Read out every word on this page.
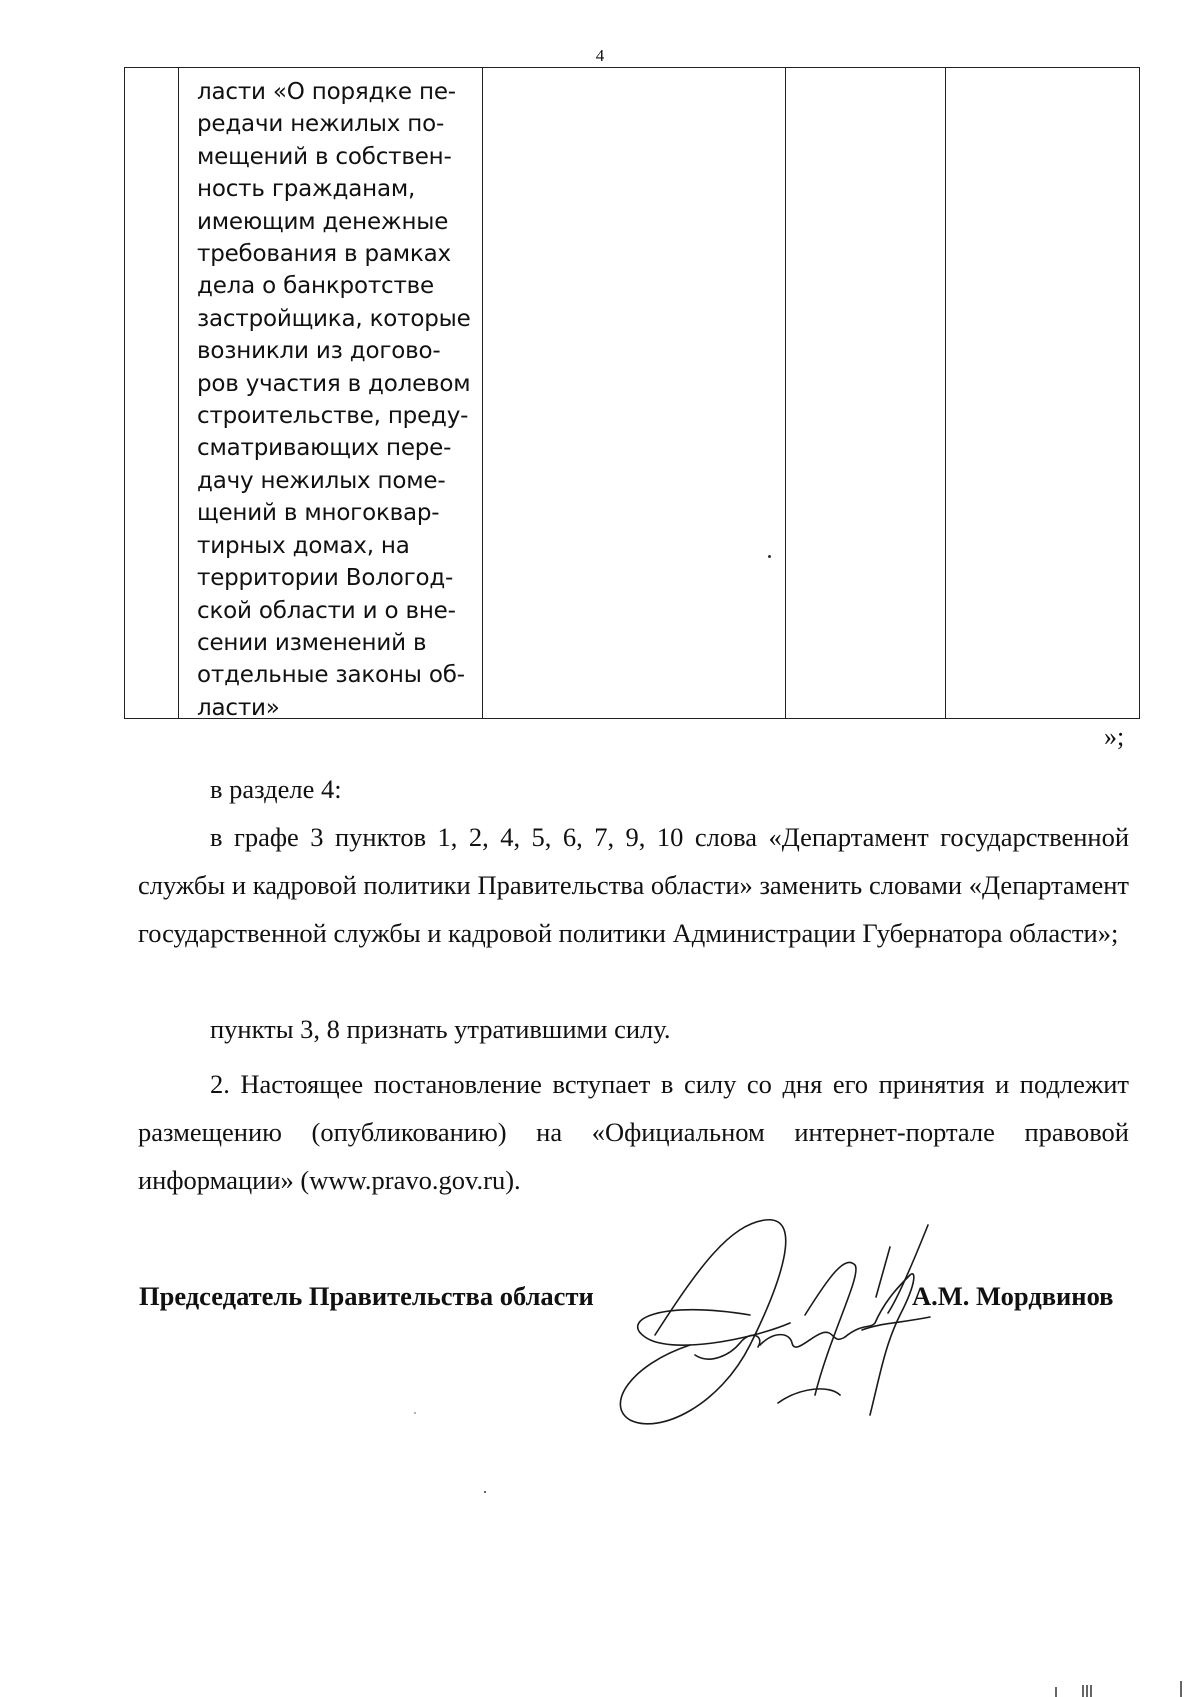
4
ласти «О порядке пе-
редачи нежилых по-
мещений в собствен-
ность гражданам,
имеющим денежные
требования в рамках
дела о банкротстве
застройщика, которые
возникли из догово-
ров участия в долевом
строительстве, преду-
сматривающих пере-
дачу нежилых поме-
щений в многоквар-
тирных домах, на
территории Вологод-
ской области и о вне-
сении изменений в
отдельные законы об-
ласти»
»;
в разделе 4:
в графе 3 пунктов 1, 2, 4, 5, 6, 7, 9, 10 слова «Департамент государственной службы и кадровой политики Правительства области» заменить словами «Департамент государственной службы и кадровой политики Администрации Губернатора области»;
пункты 3, 8 признать утратившими силу.
2. Настоящее постановление вступает в силу со дня его принятия и подлежит размещению (опубликованию) на «Официальном интернет-портале правовой информации» (www.pravo.gov.ru).
Председатель Правительства области	А.М. Мордвинов
